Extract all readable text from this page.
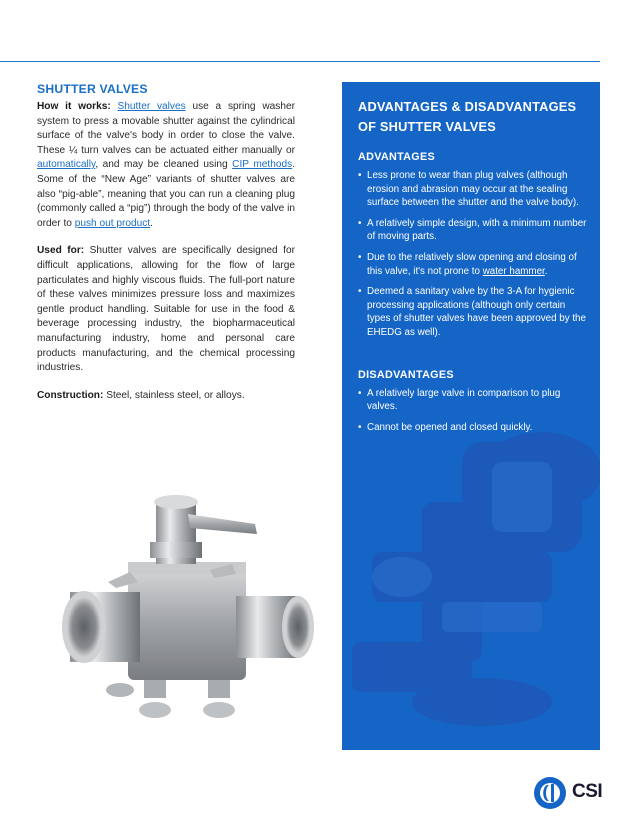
SHUTTER VALVES

How it works: Shutter valves use a spring washer system to press a movable shutter against the cylindrical surface of the valve's body in order to close the valve. These ¼ turn valves can be actuated either manually or automatically, and may be cleaned using CIP methods. Some of the “New Age” variants of shutter valves are also “pig-able”, meaning that you can run a cleaning plug (commonly called a “pig”) through the body of the valve in order to push out product.

Used for: Shutter valves are specifically designed for difficult applications, allowing for the flow of large particulates and highly viscous fluids. The full-port nature of these valves minimizes pressure loss and maximizes gentle product handling. Suitable for use in the food & beverage processing industry, the biopharmaceutical manufacturing industry, home and personal care products manufacturing, and the chemical processing industries.

Construction: Steel, stainless steel, or alloys.

ADVANTAGES & DISADVANTAGES
OF SHUTTER VALVES
ADVANTAGES
• Less prone to wear than plug valves (although erosion and abrasion may occur at the sealing surface between the shutter and the valve body).
• A relatively simple design, with a minimum number of moving parts.
• Due to the relatively slow opening and closing of this valve, it's not prone to water hammer.
• Deemed a sanitary valve by the 3-A for hygienic processing applications (although only certain types of shutter valves have been approved by the EHEDG as well).
DISADVANTAGES
• A relatively large valve in comparison to plug valves.
• Cannot be opened and closed quickly.
CSI
